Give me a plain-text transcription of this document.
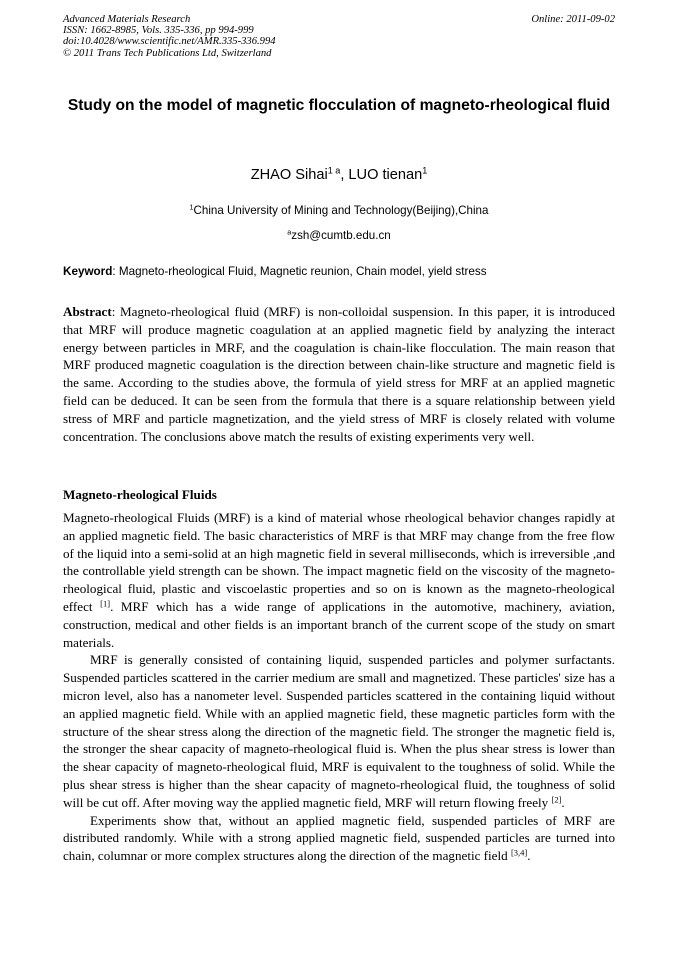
Advanced Materials Research
ISSN: 1662-8985, Vols. 335-336, pp 994-999
doi:10.4028/www.scientific.net/AMR.335-336.994
© 2011 Trans Tech Publications Ltd, Switzerland
Online: 2011-09-02
Study on the model of magnetic flocculation of magneto-rheological fluid
ZHAO Sihai$^{1 a}$, LUO tienan$^1$
$^1$China University of Mining and Technology(Beijing),China
$^a$zsh@cumtb.edu.cn
Keyword: Magneto-rheological Fluid, Magnetic reunion, Chain model, yield stress
Abstract: Magneto-rheological fluid (MRF) is non-colloidal suspension. In this paper, it is introduced that MRF will produce magnetic coagulation at an applied magnetic field by analyzing the interact energy between particles in MRF, and the coagulation is chain-like flocculation. The main reason that MRF produced magnetic coagulation is the direction between chain-like structure and magnetic field is the same. According to the studies above, the formula of yield stress for MRF at an applied magnetic field can be deduced. It can be seen from the formula that there is a square relationship between yield stress of MRF and particle magnetization, and the yield stress of MRF is closely related with volume concentration. The conclusions above match the results of existing experiments very well.
Magneto-rheological Fluids

Magneto-rheological Fluids (MRF) is a kind of material whose rheological behavior changes rapidly at an applied magnetic field. The basic characteristics of MRF is that MRF may change from the free flow of the liquid into a semi-solid at an high magnetic field in several milliseconds, which is irreversible ,and the controllable yield strength can be shown. The impact magnetic field on the viscosity of the magneto-rheological fluid, plastic and viscoelastic properties and so on is known as the magneto-rheological effect [1]. MRF which has a wide range of applications in the automotive, machinery, aviation, construction, medical and other fields is an important branch of the current scope of the study on smart materials.

MRF is generally consisted of containing liquid, suspended particles and polymer surfactants. Suspended particles scattered in the carrier medium are small and magnetized. These particles' size has a micron level, also has a nanometer level. Suspended particles scattered in the containing liquid without an applied magnetic field. While with an applied magnetic field, these magnetic particles form with the structure of the shear stress along the direction of the magnetic field. The stronger the magnetic field is, the stronger the shear capacity of magneto-rheological fluid is. When the plus shear stress is lower than the shear capacity of magneto-rheological fluid, MRF is equivalent to the toughness of solid. While the plus shear stress is higher than the shear capacity of magneto-rheological fluid, the toughness of solid will be cut off. After moving way the applied magnetic field, MRF will return flowing freely [2].

Experiments show that, without an applied magnetic field, suspended particles of MRF are distributed randomly. While with a strong applied magnetic field, suspended particles are turned into chain, columnar or more complex structures along the direction of the magnetic field [3,4].
